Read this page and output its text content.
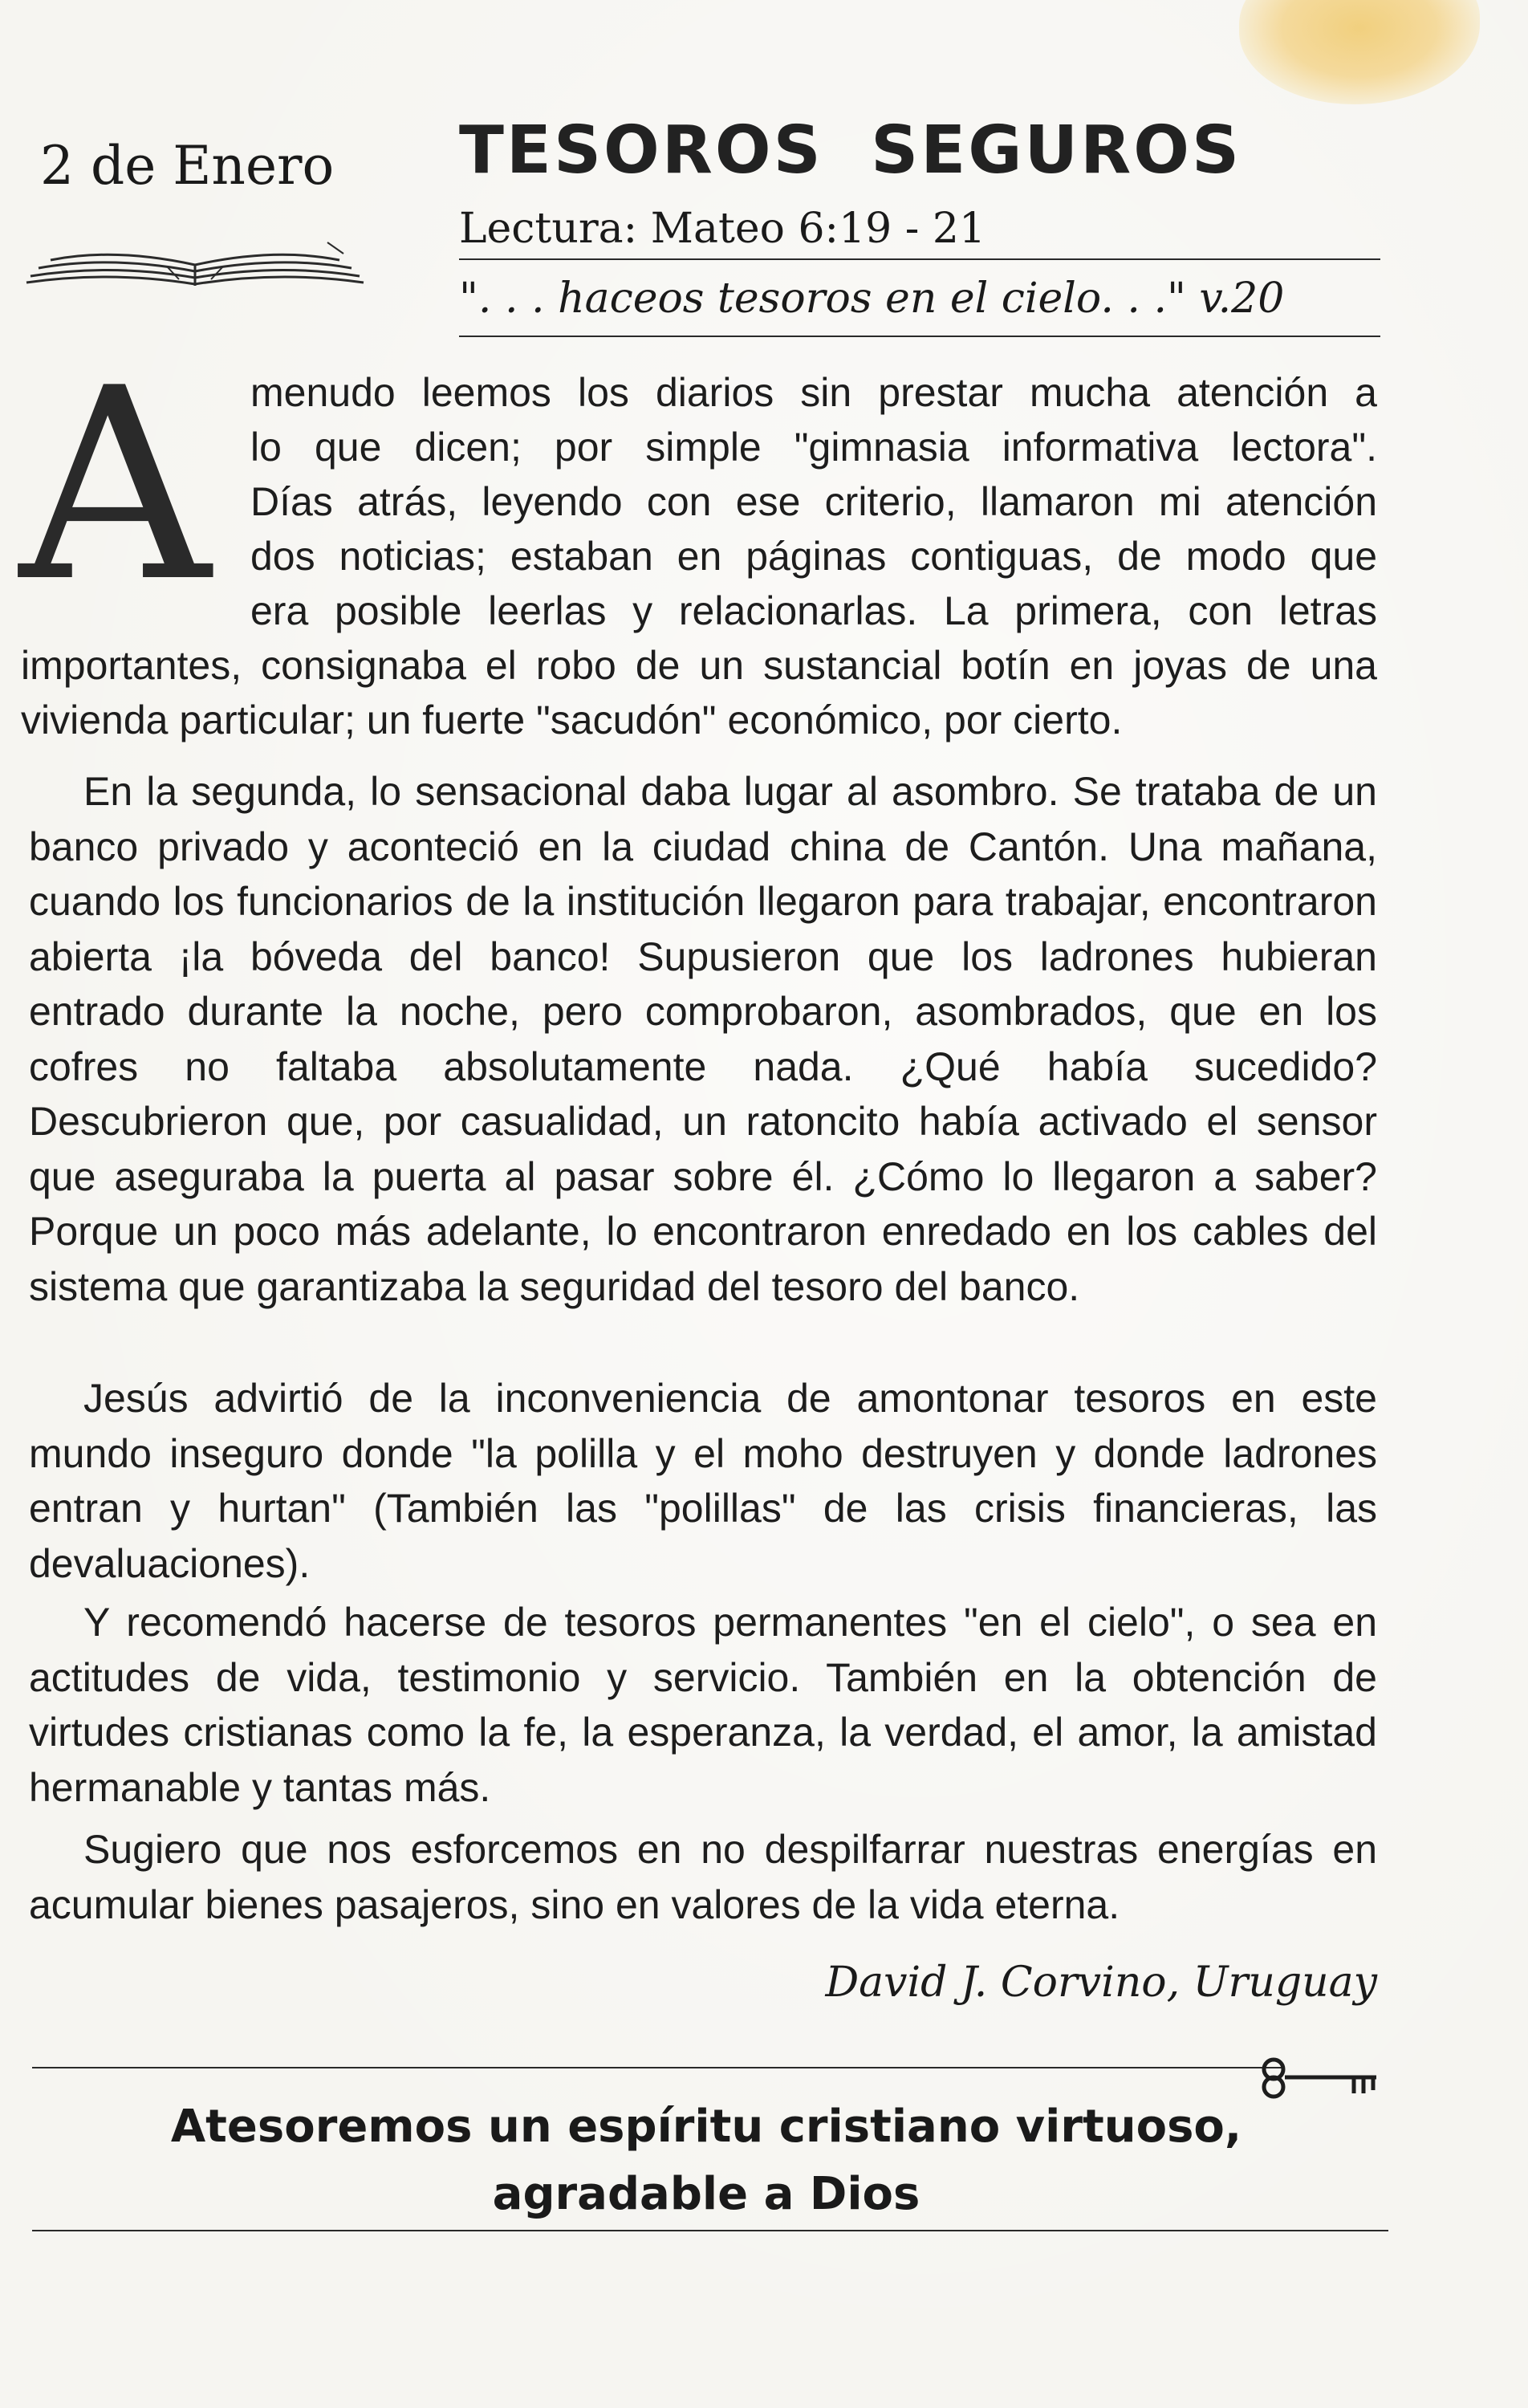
2 de Enero TESOROS SEGUROS
Lectura: Mateo 6:19 - 21
". . . haceos tesoros en el cielo. . ." v.20
A menudo leemos los diarios sin prestar mucha atención a
lo que dicen; por simple "gimnasia informativa lectora".
Días atrás, leyendo con ese criterio, llamaron mi atención
dos noticias; estaban en páginas contiguas, de modo que
era posible leerlas y relacionarlas. La primera, con letras
importantes, consignaba el robo de un sustancial botín en joyas de una vivienda particular; un fuerte "sacudón" económico, por cierto.

En la segunda, lo sensacional daba lugar al asombro. Se trataba de un banco privado y aconteció en la ciudad china de Cantón. Una mañana, cuando los funcionarios de la institución llegaron para trabajar, encontraron abierta ¡la bóveda del banco! Supusieron que los ladrones hubieran entrado durante la noche, pero comprobaron, asombrados, que en los cofres no faltaba absolutamente nada. ¿Qué había sucedido? Descubrieron que, por casualidad, un ratoncito había activado el sensor que aseguraba la puerta al pasar sobre él. ¿Cómo lo llegaron a saber? Porque un poco más adelante, lo encontraron enredado en los cables del sistema que garantizaba la seguridad del tesoro del banco.

Jesús advirtió de la inconveniencia de amontonar tesoros en este mundo inseguro donde "la polilla y el moho destruyen y donde ladrones entran y hurtan" (También las "polillas" de las crisis financieras, las devaluaciones).

Y recomendó hacerse de tesoros permanentes "en el cielo", o sea en actitudes de vida, testimonio y servicio. También en la obtención de virtudes cristianas como la fe, la esperanza, la verdad, el amor, la amistad hermanable y tantas más.

Sugiero que nos esforcemos en no despilfarrar nuestras energías en acumular bienes pasajeros, sino en valores de la vida eterna.

David J. Corvino, Uruguay
Atesoremos un espíritu cristiano virtuoso,
agradable a Dios
